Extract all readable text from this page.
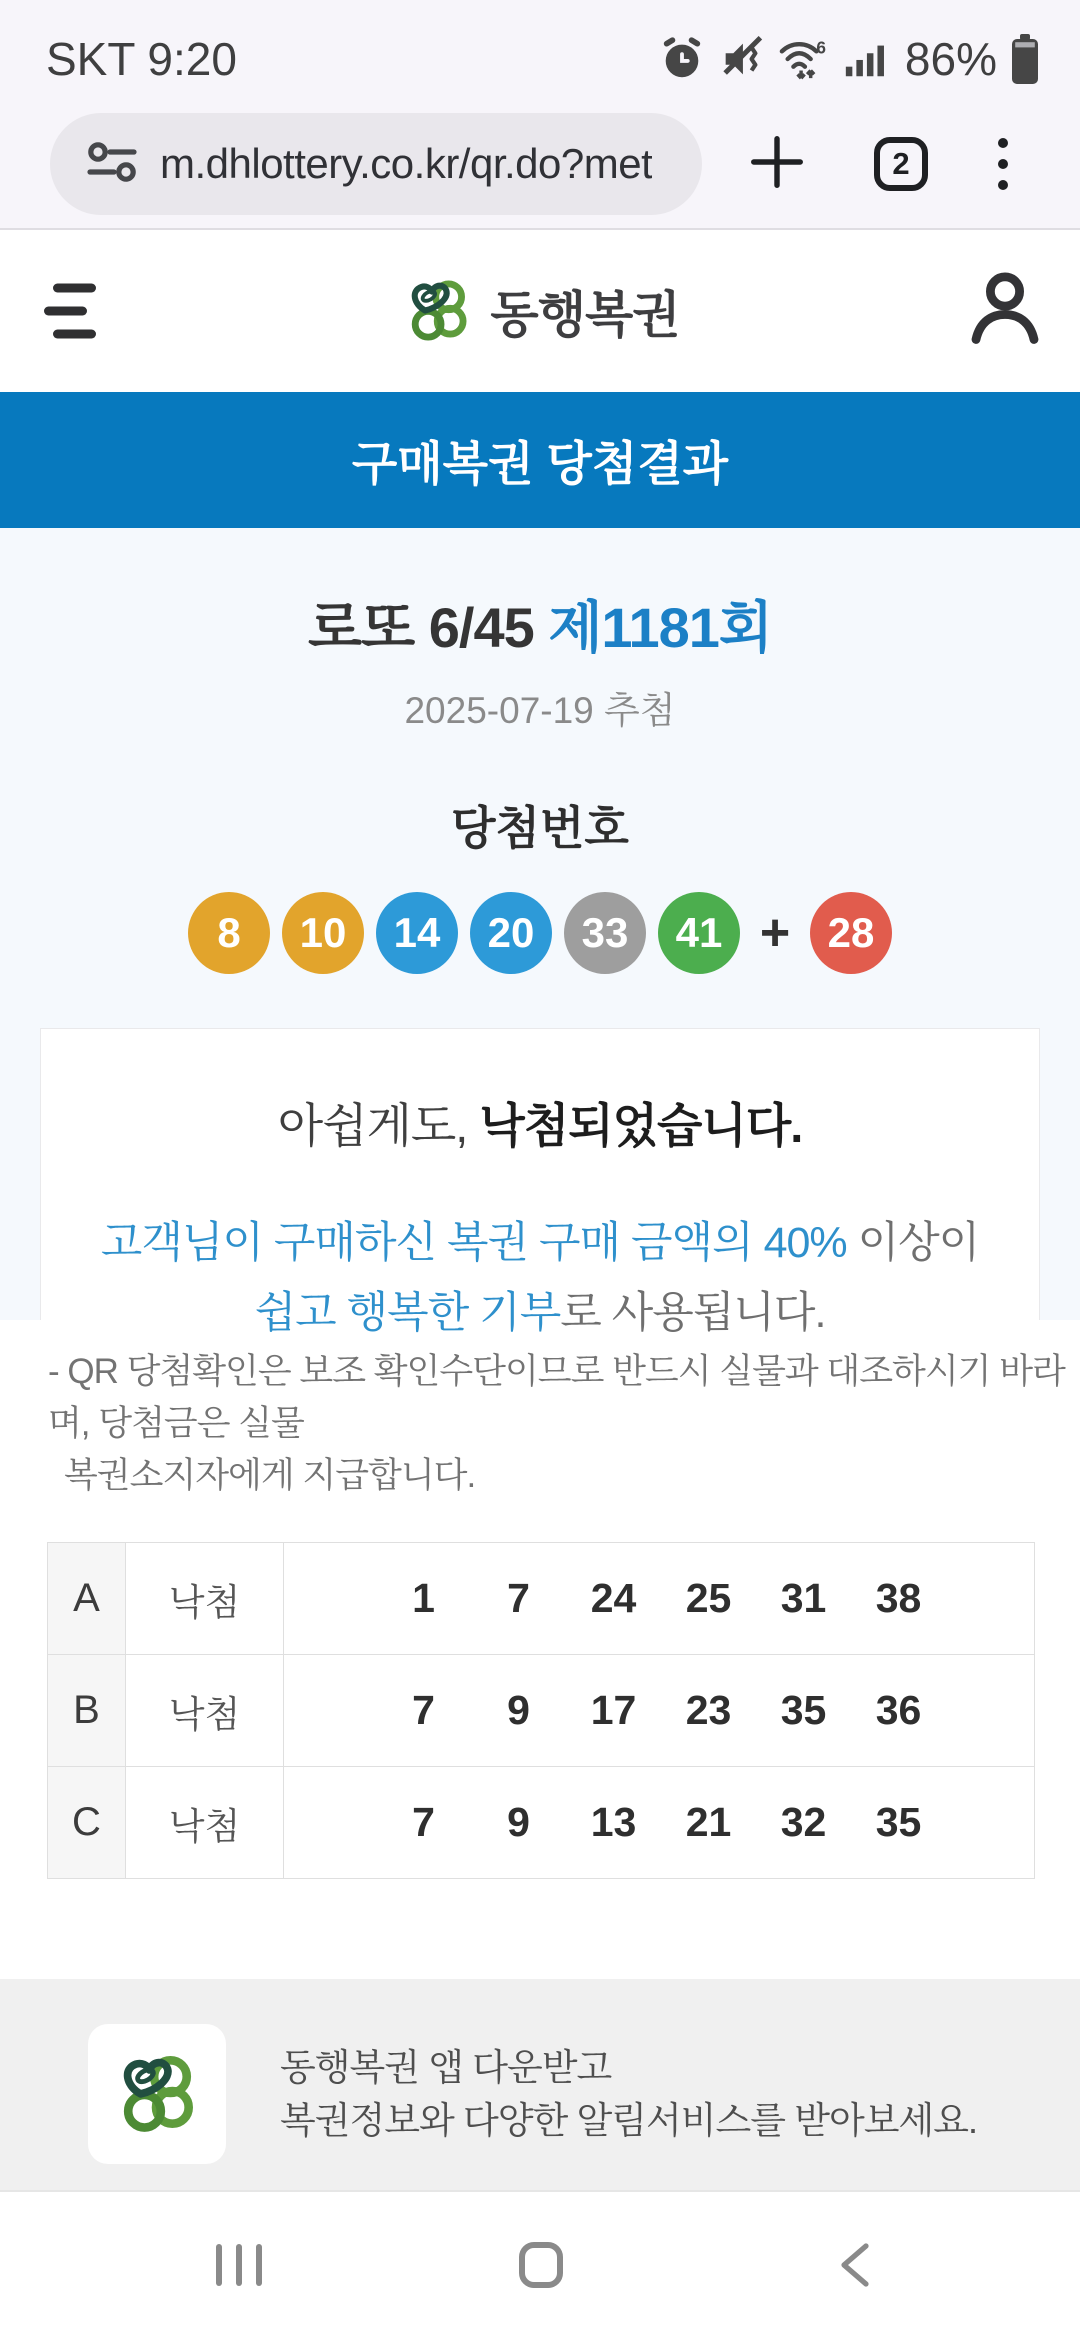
SKT 9:20	6 86%
m.dhlottery.co.kr/qr.do?met	2
동행복권
구매복권 당첨결과
로또 6/45 제1181회
2025-07-19 추첨
당첨번호
8	10	14	20	33	41 + 28
아쉽게도, 낙첨되었습니다.
고객님이 구매하신 복권 구매 금액의 40% 이상이
쉽고 행복한 기부로 사용됩니다.
- QR 당첨확인은 보조 확인수단이므로 반드시 실물과 대조하시기 바라며, 당첨금은 실물
복권소지자에게 지급합니다.
A	낙첨	1	7	24	25	31	38

B	낙첨	7	9	17	23	35	36

C	낙첨	7	9	13	21	32	35
동행복권 앱 다운받고
복권정보와 다양한 알림서비스를 받아보세요.
